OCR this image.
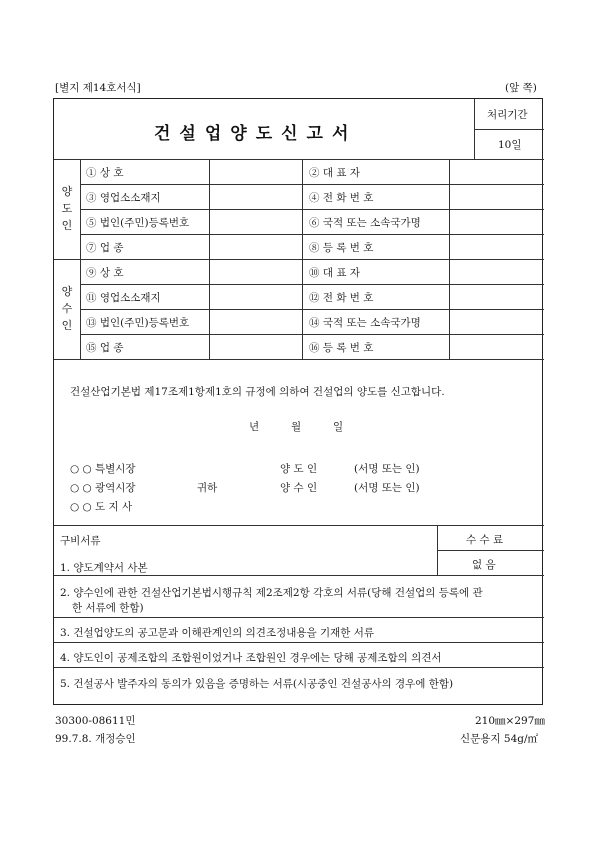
[별지 제14호서식]	(앞 쪽)
건설업양도신고서
처리기간
10일
양
도
인
양
수
인
① 상 호	② 대 표 자
③ 영업소소재지	④ 전 화 번 호
⑤ 법인(주민)등록번호	⑥ 국적 또는 소속국가명
⑦ 업 종	⑧ 등 록 번 호
⑨ 상 호	⑩ 대 표 자
⑪ 영업소소재지	⑫ 전 화 번 호
⑬ 법인(주민)등록번호	⑭ 국적 또는 소속국가명
⑮ 업 종	⑯ 등 록 번 호
건설산업기본법 제17조제1항제1호의 규정에 의하여 건설업의 양도를 신고합니다.
년	월	일
○ ○ 특별시장
○ ○ 광역시장	귀하
○ ○ 도 지 사
양 도 인	(서명 또는 인)
양 수 인	(서명 또는 인)
구비서류	수 수 료
없 음
1. 양도계약서 사본
2. 양수인에 관한 건설산업기본법시행규칙 제2조제2항 각호의 서류(당해 건설업의 등록에 관
한 서류에 한함)
3. 건설업양도의 공고문과 이해관계인의 의견조정내용을 기재한 서류
4. 양도인이 공제조합의 조합원이었거나 조합원인 경우에는 당해 공제조합의 의견서
5. 건설공사 발주자의 동의가 있음을 증명하는 서류(시공중인 건설공사의 경우에 한함)
30300-08611민
99.7.8. 개정승인
210㎜×297㎜
신문용지 54g/㎡
